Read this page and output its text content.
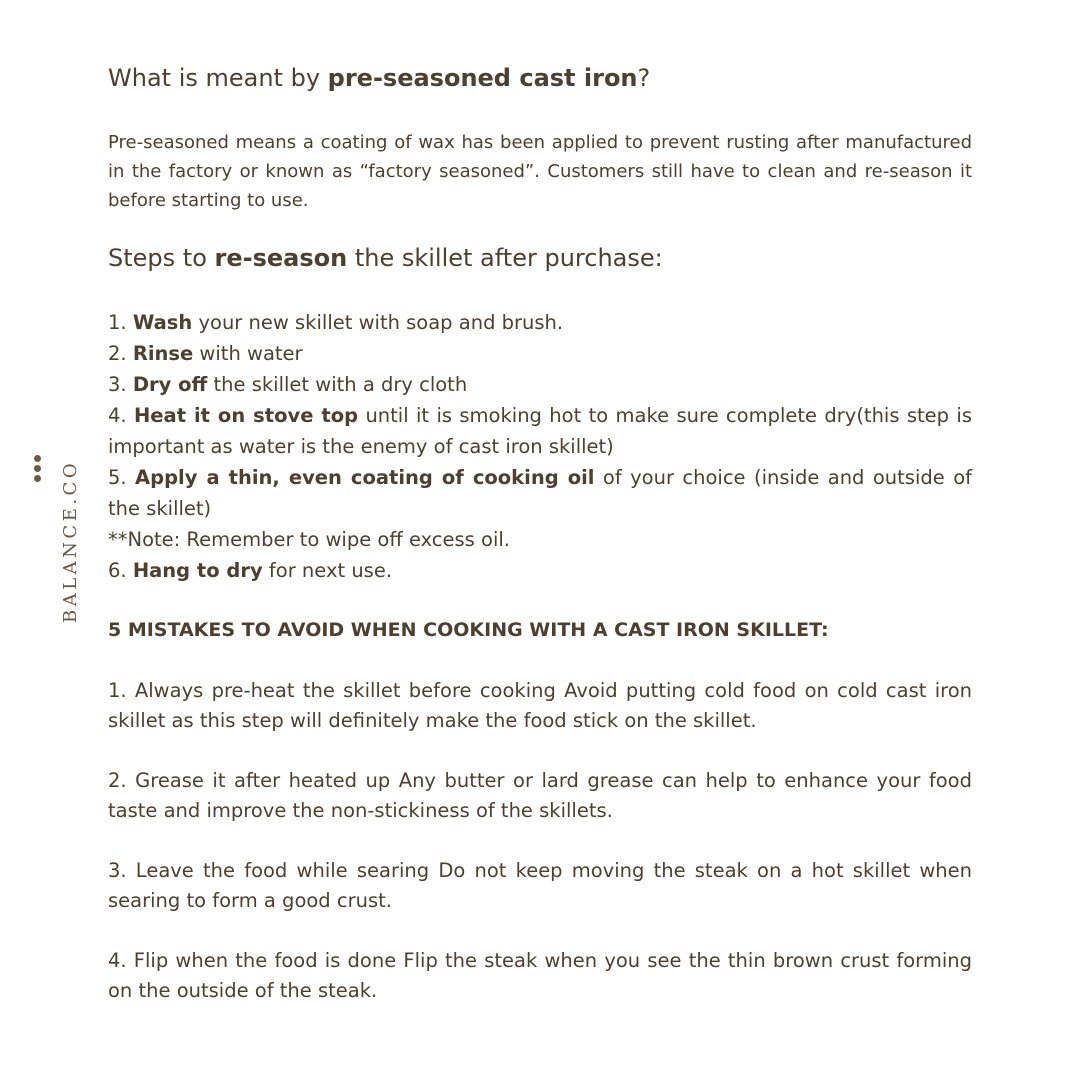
BALANCE.CO
What is meant by pre-seasoned cast iron?
Pre-seasoned means a coating of wax has been applied to prevent rusting after manufactured in the factory or known as “factory seasoned”. Customers still have to clean and re-season it before starting to use.
Steps to re-season the skillet after purchase:
1. Wash your new skillet with soap and brush.
2. Rinse with water
3. Dry off the skillet with a dry cloth
4. Heat it on stove top until it is smoking hot to make sure complete dry(this step is important as water is the enemy of cast iron skillet)
5. Apply a thin, even coating of cooking oil of your choice (inside and outside of the skillet)
**Note: Remember to wipe off excess oil.
6. Hang to dry for next use.
5 MISTAKES TO AVOID WHEN COOKING WITH A CAST IRON SKILLET:
1. Always pre-heat the skillet before cooking Avoid putting cold food on cold cast iron skillet as this step will definitely make the food stick on the skillet.
2. Grease it after heated up Any butter or lard grease can help to enhance your food taste and improve the non-stickiness of the skillets.
3. Leave the food while searing Do not keep moving the steak on a hot skillet when searing to form a good crust.
4. Flip when the food is done Flip the steak when you see the thin brown crust forming on the outside of the steak.
